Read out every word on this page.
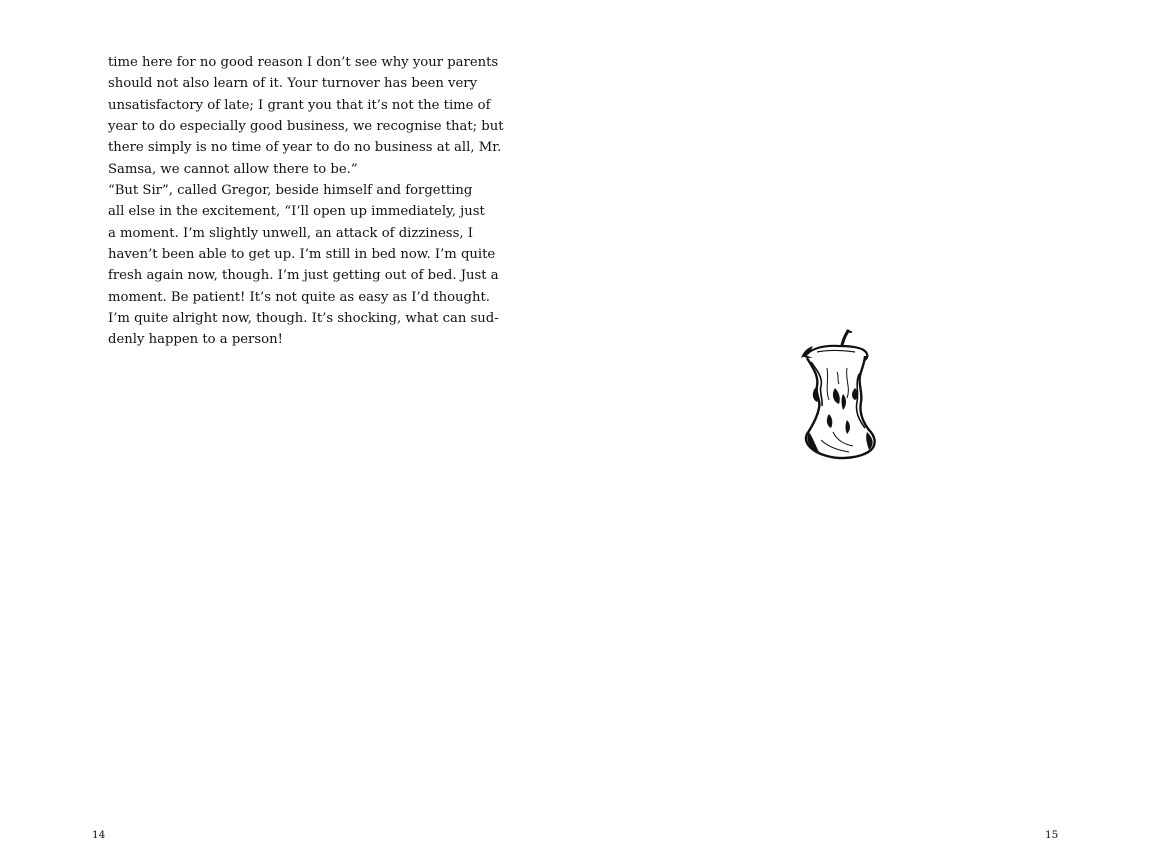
time here for no good reason I don’t see why your parents
should not also learn of it. Your turnover has been very
unsatisfactory of late; I grant you that it’s not the time of
year to do especially good business, we recognise that; but
there simply is no time of year to do no business at all, Mr.
Samsa, we cannot allow there to be.”
“But Sir”, called Gregor, beside himself and forgetting
all else in the excitement, “I’ll open up immediately, just
a moment. I’m slightly unwell, an attack of dizziness, I
haven’t been able to get up. I’m still in bed now. I’m quite
fresh again now, though. I’m just getting out of bed. Just a
moment. Be patient! It’s not quite as easy as I’d thought.
I’m quite alright now, though. It’s shocking, what can sud-
denly happen to a person!
14	15
